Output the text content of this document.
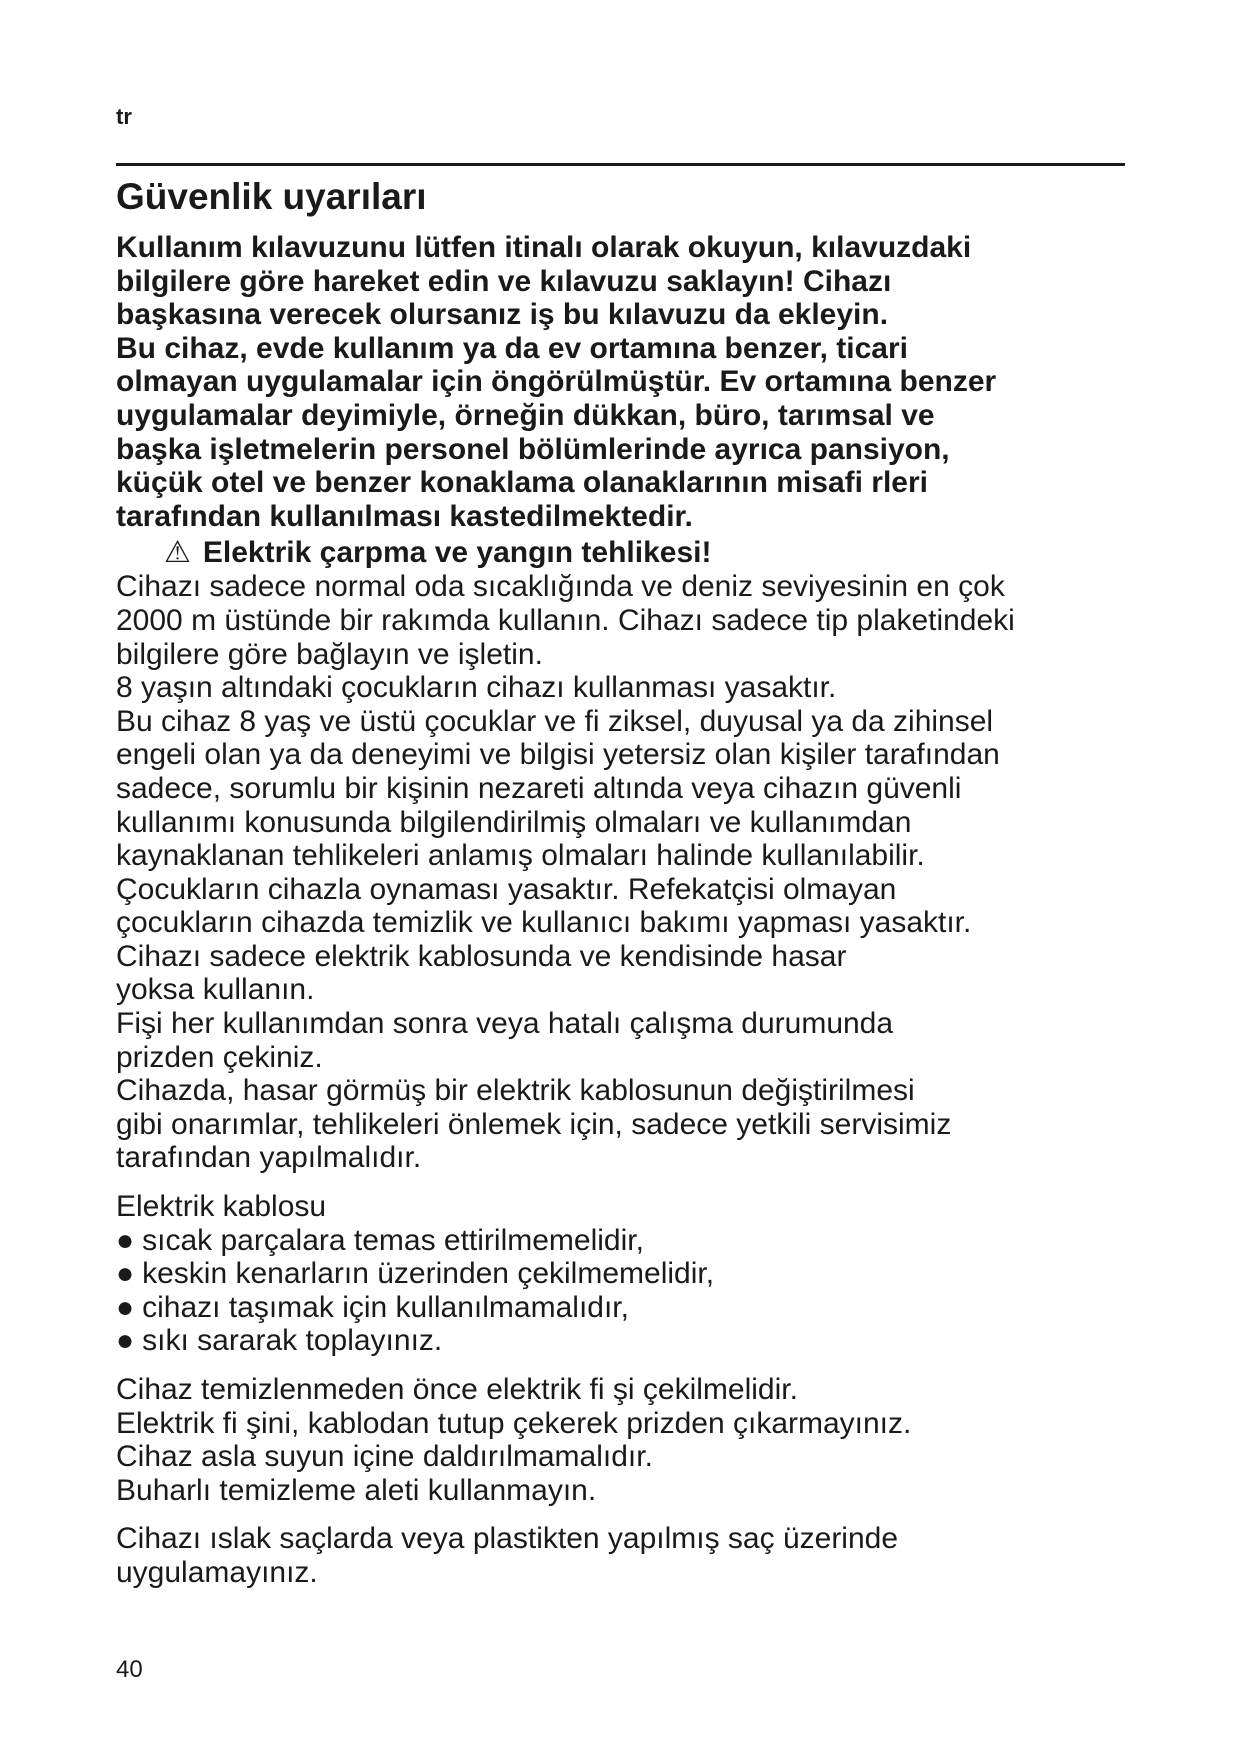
tr

Güvenlik uyarıları

Kullanım kılavuzunu lütfen itinalı olarak okuyun, kılavuzdaki
bilgilere göre hareket edin ve kılavuzu saklayın! Cihazı
başkasına verecek olursanız iş bu kılavuzu da ekleyin.
Bu cihaz, evde kullanım ya da ev ortamına benzer, ticari
olmayan uygulamalar için öngörülmüştür. Ev ortamına benzer
uygulamalar deyimiyle, örneğin dükkan, büro, tarımsal ve
başka işletmelerin personel bölümlerinde ayrıca pansiyon,
küçük otel ve benzer konaklama olanaklarının misafi rleri
tarafından kullanılması kastedilmektedir.

⚠ Elektrik çarpma ve yangın tehlikesi!

Cihazı sadece normal oda sıcaklığında ve deniz seviyesinin en çok
2000 m üstünde bir rakımda kullanın. Cihazı sadece tip plaketindeki
bilgilere göre bağlayın ve işletin.
8 yaşın altındaki çocukların cihazı kullanması yasaktır.
Bu cihaz 8 yaş ve üstü çocuklar ve fi ziksel, duyusal ya da zihinsel
engeli olan ya da deneyimi ve bilgisi yetersiz olan kişiler tarafından
sadece, sorumlu bir kişinin nezareti altında veya cihazın güvenli
kullanımı konusunda bilgilendirilmiş olmaları ve kullanımdan
kaynaklanan tehlikeleri anlamış olmaları halinde kullanılabilir.
Çocukların cihazla oynaması yasaktır. Refekatçisi olmayan
çocukların cihazda temizlik ve kullanıcı bakımı yapması yasaktır.
Cihazı sadece elektrik kablosunda ve kendisinde hasar
yoksa kullanın.
Fişi her kullanımdan sonra veya hatalı çalışma durumunda
prizden çekiniz.
Cihazda, hasar görmüş bir elektrik kablosunun değiştirilmesi
gibi onarımlar, tehlikeleri önlemek için, sadece yetkili servisimiz
tarafından yapılmalıdır.

Elektrik kablosu
● sıcak parçalara temas ettirilmemelidir,
● keskin kenarların üzerinden çekilmemelidir,
● cihazı taşımak için kullanılmamalıdır,
● sıkı sararak toplayınız.

Cihaz temizlenmeden önce elektrik fi şi çekilmelidir.
Elektrik fi şini, kablodan tutup çekerek prizden çıkarmayınız.
Cihaz asla suyun içine daldırılmamalıdır.
Buharlı temizleme aleti kullanmayın.

Cihazı ıslak saçlarda veya plastikten yapılmış saç üzerinde
uygulamayınız.

40
